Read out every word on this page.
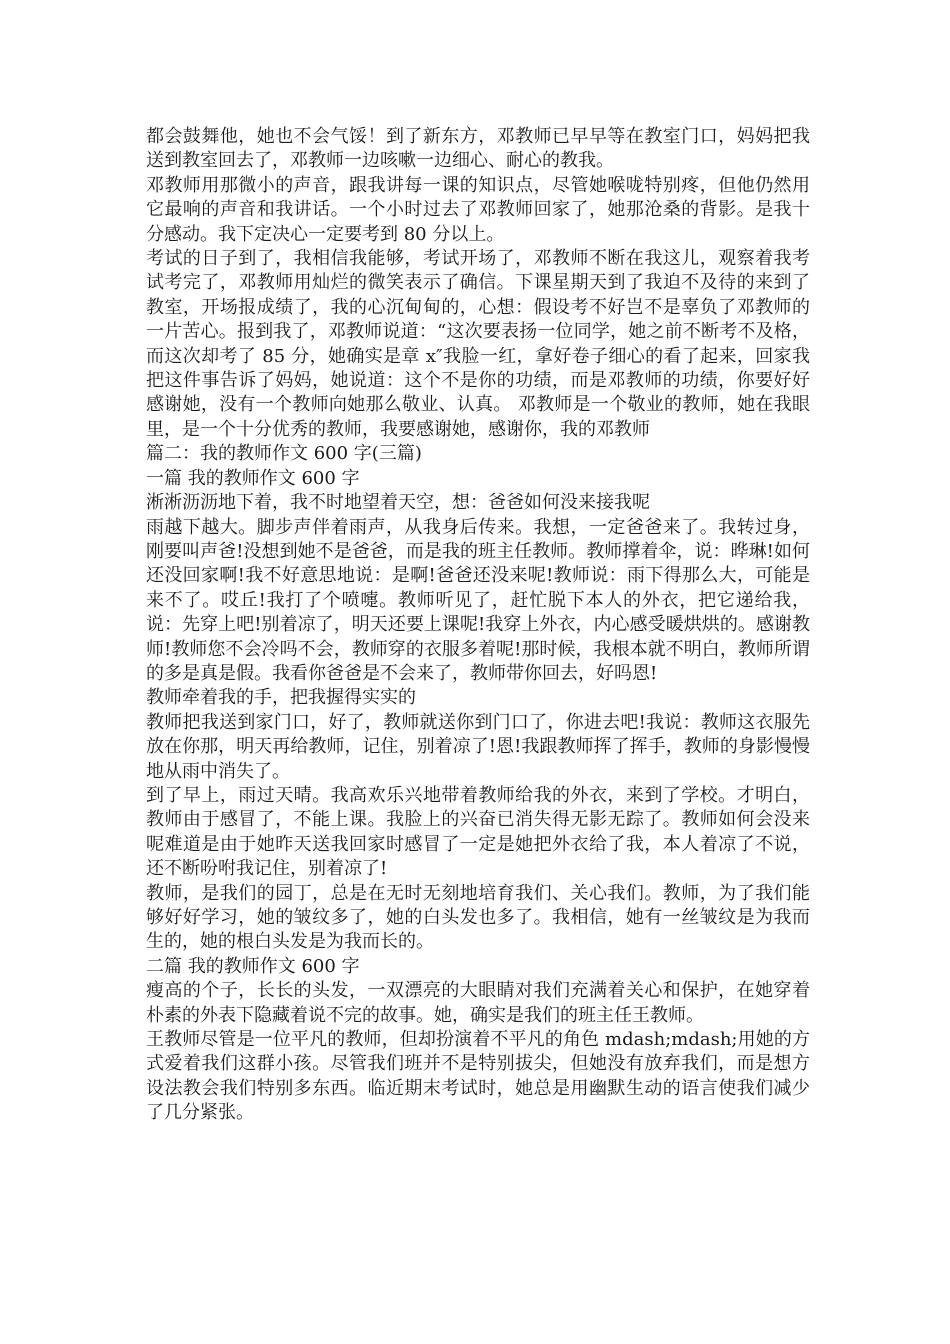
都会鼓舞他，她也不会气馁！到了新东方，邓教师已早早等在教室门口，妈妈把我送到教室回去了，邓教师一边咳嗽一边细心、耐心的教我。

邓教师用那微小的声音，跟我讲每一课的知识点，尽管她喉咙特别疼，但他仍然用它最响的声音和我讲话。一个小时过去了邓教师回家了，她那沧桑的背影。是我十分感动。我下定决心一定要考到 80 分以上。

考试的日子到了，我相信我能够，考试开场了，邓教师不断在我这儿，观察着我考试考完了，邓教师用灿烂的微笑表示了确信。下课星期天到了我迫不及待的来到了教室，开场报成绩了，我的心沉甸甸的，心想：假设考不好岂不是辜负了邓教师的一片苦心。报到我了，邓教师说道：“这次要表扬一位同学，她之前不断考不及格，而这次却考了 85 分，她确实是章 x″我脸一红，拿好卷子细心的看了起来，回家我把这件事告诉了妈妈，她说道：这个不是你的功绩，而是邓教师的功绩，你要好好感谢她，没有一个教师向她那么敬业、认真。 邓教师是一个敬业的教师，她在我眼里，是一个十分优秀的教师，我要感谢她，感谢你，我的邓教师

篇二：我的教师作文 600 字(三篇)

一篇 我的教师作文 600 字

淅淅沥沥地下着，我不时地望着天空，想：爸爸如何没来接我呢

雨越下越大。脚步声伴着雨声，从我身后传来。我想，一定爸爸来了。我转过身，刚要叫声爸!没想到她不是爸爸，而是我的班主任教师。教师撑着伞，说：晔琳!如何还没回家啊!我不好意思地说：是啊!爸爸还没来呢!教师说：雨下得那么大，可能是来不了。哎丘!我打了个喷嚏。教师听见了，赶忙脱下本人的外衣，把它递给我，说：先穿上吧!别着凉了，明天还要上课呢!我穿上外衣，内心感受暖烘烘的。感谢教师!教师您不会冷吗不会，教师穿的衣服多着呢!那时候，我根本就不明白，教师所谓的多是真是假。我看你爸爸是不会来了，教师带你回去，好吗恩!

教师牵着我的手，把我握得实实的

教师把我送到家门口，好了，教师就送你到门口了，你进去吧!我说：教师这衣服先放在你那，明天再给教师，记住，别着凉了!恩!我跟教师挥了挥手，教师的身影慢慢地从雨中消失了。

到了早上，雨过天晴。我高欢乐兴地带着教师给我的外衣，来到了学校。才明白，教师由于感冒了，不能上课。我脸上的兴奋已消失得无影无踪了。教师如何会没来呢难道是由于她昨天送我回家时感冒了一定是她把外衣给了我，本人着凉了不说，还不断吩咐我记住，别着凉了!

教师，是我们的园丁，总是在无时无刻地培育我们、关心我们。教师，为了我们能够好好学习，她的皱纹多了，她的白头发也多了。我相信，她有一丝皱纹是为我而生的，她的根白头发是为我而长的。

二篇 我的教师作文 600 字

瘦高的个子，长长的头发，一双漂亮的大眼睛对我们充满着关心和保护，在她穿着朴素的外表下隐藏着说不完的故事。她，确实是我们的班主任王教师。

王教师尽管是一位平凡的教师，但却扮演着不平凡的角色 mdash;mdash;用她的方式爱着我们这群小孩。尽管我们班并不是特别拔尖，但她没有放弃我们，而是想方设法教会我们特别多东西。临近期末考试时，她总是用幽默生动的语言使我们减少了几分紧张。
